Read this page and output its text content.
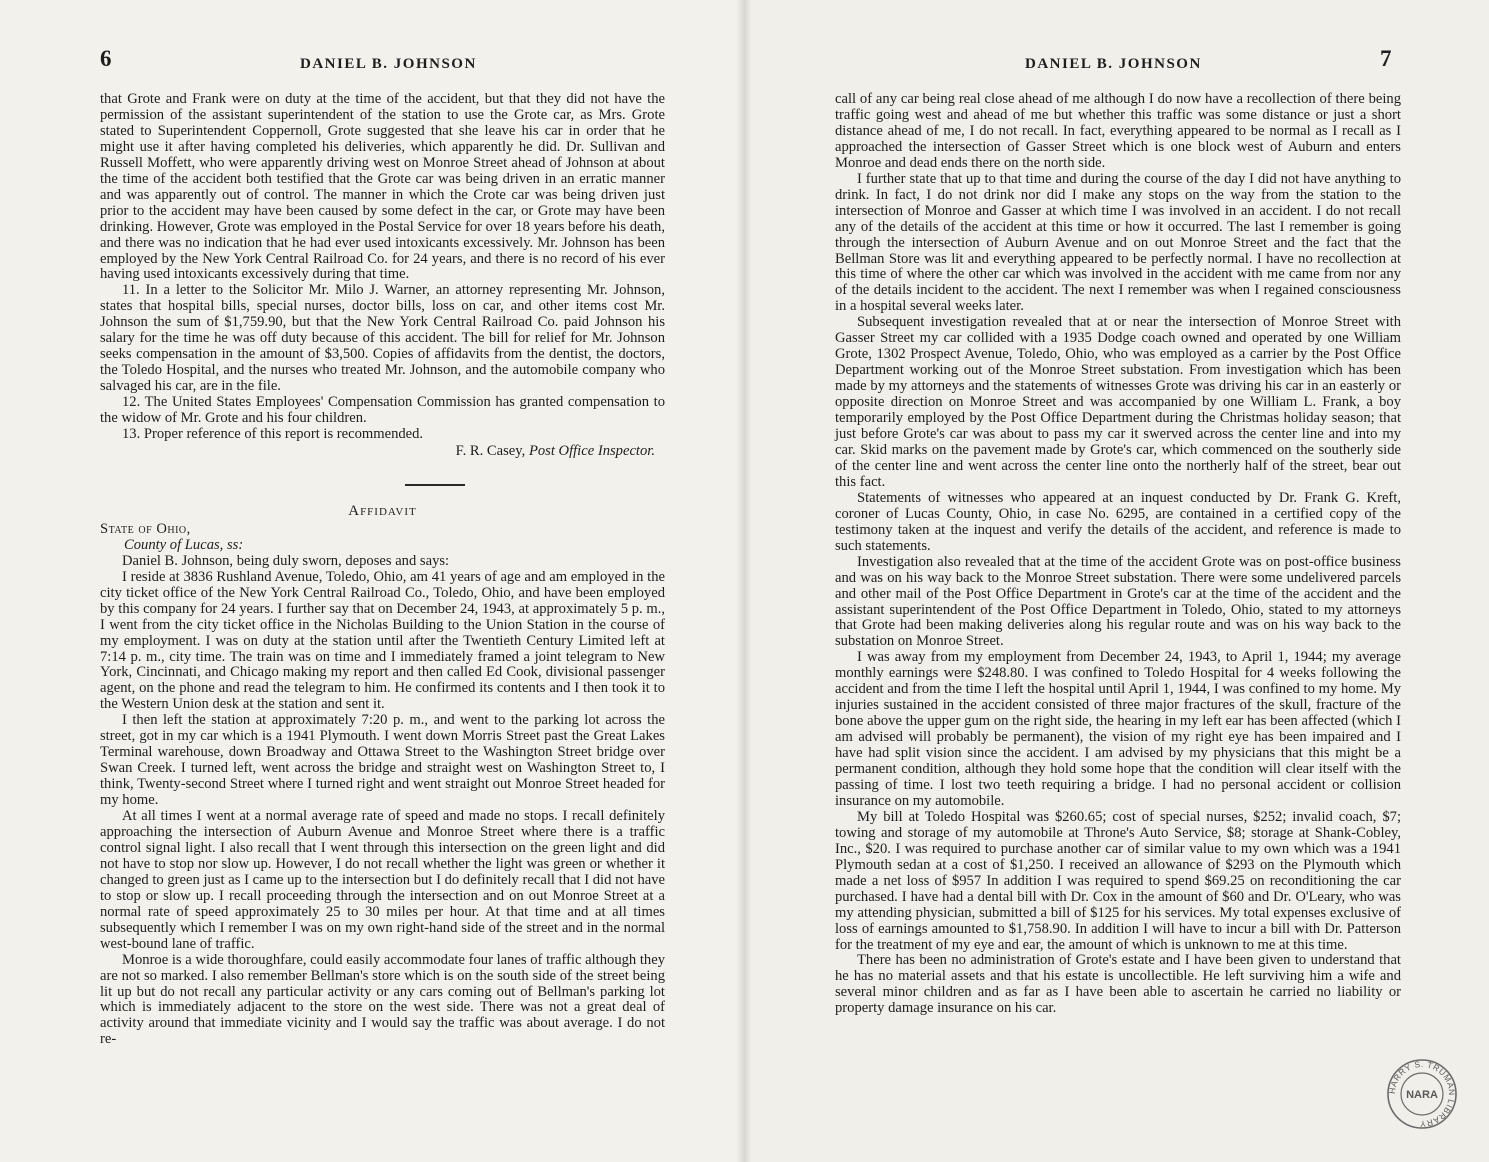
6	DANIEL B. JOHNSON

that Grote and Frank were on duty at the time of the accident, but that they did not have the permission of the assistant superintendent of the station to use the Grote car, as Mrs. Grote stated to Superintendent Coppernoll, Grote suggested that she leave his car in order that he might use it after having completed his deliveries, which apparently he did. Dr. Sullivan and Russell Moffett, who were apparently driving west on Monroe Street ahead of Johnson at about the time of the accident both testified that the Grote car was being driven in an erratic manner and was apparently out of control. The manner in which the Crote car was being driven just prior to the accident may have been caused by some defect in the car, or Grote may have been drinking. However, Grote was employed in the Postal Service for over 18 years before his death, and there was no indication that he had ever used intoxicants excessively. Mr. Johnson has been employed by the New York Central Railroad Co. for 24 years, and there is no record of his ever having used intoxicants excessively during that time.

11. In a letter to the Solicitor Mr. Milo J. Warner, an attorney representing Mr. Johnson, states that hospital bills, special nurses, doctor bills, loss on car, and other items cost Mr. Johnson the sum of $1,759.90, but that the New York Central Railroad Co. paid Johnson his salary for the time he was off duty because of this accident. The bill for relief for Mr. Johnson seeks compensation in the amount of $3,500. Copies of affidavits from the dentist, the doctors, the Toledo Hospital, and the nurses who treated Mr. Johnson, and the automobile company who salvaged his car, are in the file.

12. The United States Employees' Compensation Commission has granted compensation to the widow of Mr. Grote and his four children.

13. Proper reference of this report is recommended.

F. R. Casey, Post Office Inspector.
Affidavit
State of Ohio,
County of Lucas, ss:

Daniel B. Johnson, being duly sworn, deposes and says:

I reside at 3836 Rushland Avenue, Toledo, Ohio, am 41 years of age and am employed in the city ticket office of the New York Central Railroad Co., Toledo, Ohio, and have been employed by this company for 24 years. I further say that on December 24, 1943, at approximately 5 p. m., I went from the city ticket office in the Nicholas Building to the Union Station in the course of my employment. I was on duty at the station until after the Twentieth Century Limited left at 7:14 p. m., city time. The train was on time and I immediately framed a joint telegram to New York, Cincinnati, and Chicago making my report and then called Ed Cook, divisional passenger agent, on the phone and read the telegram to him. He confirmed its contents and I then took it to the Western Union desk at the station and sent it.

I then left the station at approximately 7:20 p. m., and went to the parking lot across the street, got in my car which is a 1941 Plymouth. I went down Morris Street past the Great Lakes Terminal warehouse, down Broadway and Ottawa Street to the Washington Street bridge over Swan Creek. I turned left, went across the bridge and straight west on Washington Street to, I think, Twenty-second Street where I turned right and went straight out Monroe Street headed for my home.

At all times I went at a normal average rate of speed and made no stops. I recall definitely approaching the intersection of Auburn Avenue and Monroe Street where there is a traffic control signal light. I also recall that I went through this intersection on the green light and did not have to stop nor slow up. However, I do not recall whether the light was green or whether it changed to green just as I came up to the intersection but I do definitely recall that I did not have to stop or slow up. I recall proceeding through the intersection and on out Monroe Street at a normal rate of speed approximately 25 to 30 miles per hour. At that time and at all times subsequently which I remember I was on my own right-hand side of the street and in the normal west-bound lane of traffic.

Monroe is a wide thoroughfare, could easily accommodate four lanes of traffic although they are not so marked. I also remember Bellman's store which is on the south side of the street being lit up but do not recall any particular activity or any cars coming out of Bellman's parking lot which is immediately adjacent to the store on the west side. There was not a great deal of activity around that immediate vicinity and I would say the traffic was about average. I do not re-

DANIEL B. JOHNSON	7

call of any car being real close ahead of me although I do now have a recollection of there being traffic going west and ahead of me but whether this traffic was some distance or just a short distance ahead of me, I do not recall. In fact, everything appeared to be normal as I recall as I approached the intersection of Gasser Street which is one block west of Auburn and enters Monroe and dead ends there on the north side.

I further state that up to that time and during the course of the day I did not have anything to drink. In fact, I do not drink nor did I make any stops on the way from the station to the intersection of Monroe and Gasser at which time I was involved in an accident. I do not recall any of the details of the accident at this time or how it occurred. The last I remember is going through the intersection of Auburn Avenue and on out Monroe Street and the fact that the Bellman Store was lit and everything appeared to be perfectly normal. I have no recollection at this time of where the other car which was involved in the accident with me came from nor any of the details incident to the accident. The next I remember was when I regained consciousness in a hospital several weeks later.

Subsequent investigation revealed that at or near the intersection of Monroe Street with Gasser Street my car collided with a 1935 Dodge coach owned and operated by one William Grote, 1302 Prospect Avenue, Toledo, Ohio, who was employed as a carrier by the Post Office Department working out of the Monroe Street substation. From investigation which has been made by my attorneys and the statements of witnesses Grote was driving his car in an easterly or opposite direction on Monroe Street and was accompanied by one William L. Frank, a boy temporarily employed by the Post Office Department during the Christmas holiday season; that just before Grote's car was about to pass my car it swerved across the center line and into my car. Skid marks on the pavement made by Grote's car, which commenced on the southerly side of the center line and went across the center line onto the northerly half of the street, bear out this fact.

Statements of witnesses who appeared at an inquest conducted by Dr. Frank G. Kreft, coroner of Lucas County, Ohio, in case No. 6295, are contained in a certified copy of the testimony taken at the inquest and verify the details of the accident, and reference is made to such statements.

Investigation also revealed that at the time of the accident Grote was on post-office business and was on his way back to the Monroe Street substation. There were some undelivered parcels and other mail of the Post Office Department in Grote's car at the time of the accident and the assistant superintendent of the Post Office Department in Toledo, Ohio, stated to my attorneys that Grote had been making deliveries along his regular route and was on his way back to the substation on Monroe Street.

I was away from my employment from December 24, 1943, to April 1, 1944; my average monthly earnings were $248.80. I was confined to Toledo Hospital for 4 weeks following the accident and from the time I left the hospital until April 1, 1944, I was confined to my home. My injuries sustained in the accident consisted of three major fractures of the skull, fracture of the bone above the upper gum on the right side, the hearing in my left ear has been affected (which I am advised will probably be permanent), the vision of my right eye has been impaired and I have had split vision since the accident. I am advised by my physicians that this might be a permanent condition, although they hold some hope that the condition will clear itself with the passing of time. I lost two teeth requiring a bridge. I had no personal accident or collision insurance on my automobile.

My bill at Toledo Hospital was $260.65; cost of special nurses, $252; invalid coach, $7; towing and storage of my automobile at Throne's Auto Service, $8; storage at Shank-Cobley, Inc., $20. I was required to purchase another car of similar value to my own which was a 1941 Plymouth sedan at a cost of $1,250. I received an allowance of $293 on the Plymouth which made a net loss of $957 In addition I was required to spend $69.25 on reconditioning the car purchased. I have had a dental bill with Dr. Cox in the amount of $60 and Dr. O'Leary, who was my attending physician, submitted a bill of $125 for his services. My total expenses exclusive of loss of earnings amounted to $1,758.90. In addition I will have to incur a bill with Dr. Patterson for the treatment of my eye and ear, the amount of which is unknown to me at this time.

There has been no administration of Grote's estate and I have been given to understand that he has no material assets and that his estate is uncollectible. He left surviving him a wife and several minor children and as far as I have been able to ascertain he carried no liability or property damage insurance on his car.

HARRY S. TRUMAN LIBRARY
NARA
